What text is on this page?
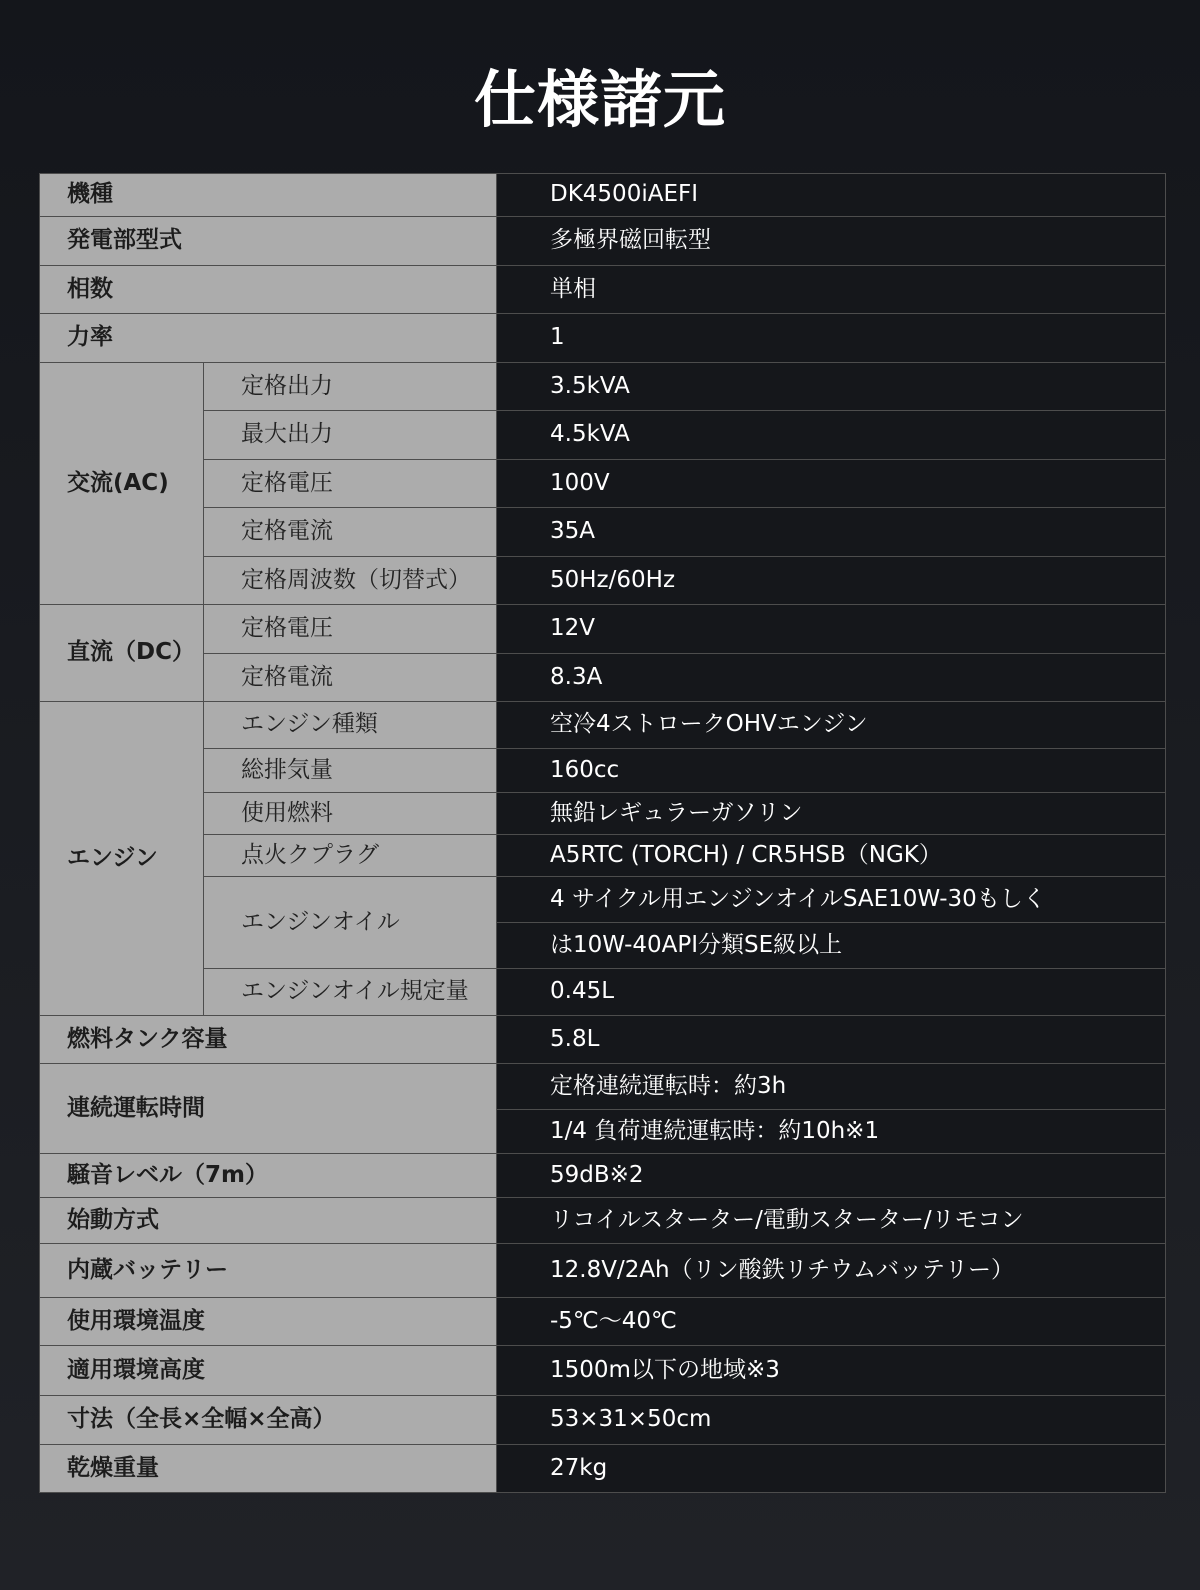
仕様諸元
機種		DK4500iAEFI
発電部型式		多極界磁回転型
相数		単相
力率		1
交流(AC)	定格出力	3.5kVA
	最大出力	4.5kVA
	定格電圧	100V
	定格電流	35A
	定格周波数（切替式）	50Hz/60Hz
直流（DC）	定格電圧	12V
	定格電流	8.3A
エンジン	エンジン種類	空冷4ストロークOHVエンジン
	総排気量	160cc
	使用燃料	無鉛レギュラーガソリン
	点火クプラグ	A5RTC (TORCH) / CR5HSB（NGK）
	エンジンオイル	4 サイクル用エンジンオイルSAE10W-30もしく
		は10W-40API分類SE級以上
	エンジンオイル規定量	0.45L
燃料タンク容量		5.8L
連続運転時間		定格連続運転時：約3h
		1/4 負荷連続運転時：約10h※1
騒音レベル（7m）		59dB※2
始動方式		リコイルスターター/電動スターター/リモコン
内蔵バッテリー		12.8V/2Ah（リン酸鉄リチウムバッテリー）
使用環境温度		-5℃～40℃
適用環境高度		1500m以下の地域※3
寸法（全長×全幅×全高）		53×31×50cm
乾燥重量		27kg
